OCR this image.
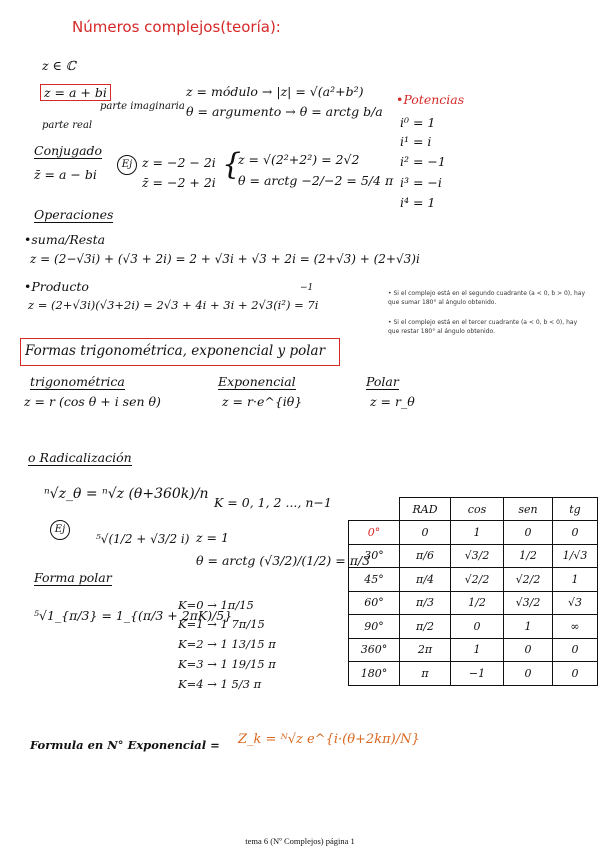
Números complejos(teoría):
z ∈ ℂ
z = a + bi
parte imaginaria
parte real
z = módulo → |z| = √(a²+b²)
θ = argumento → θ = arctg b/a
•Potencias
i⁰ = 1
i¹ = i
i² = −1
i³ = −i
i⁴ = 1
Conjugado
z̄ = a − bi
Ej z = −2 − 2i
z̄ = −2 + 2i
{
z = √(2²+2²) = 2√2
θ = arctg −2/−2 = 5/4 π
Operaciones
•suma/Resta
z = (2−√3i) + (√3 + 2i) = 2 + √3i + √3 + 2i = (2+√3) + (2+√3)i
•Producto	−1
z = (2+√3i)(√3+2i) = 2√3 + 4i + 3i + 2√3(i²) = 7i
• Si el complejo está en el segundo cuadrante (a < 0, b > 0), hay que sumar 180° al ángulo obtenido.
• Si el complejo está en el tercer cuadrante (a < 0, b < 0), hay que restar 180° al ángulo obtenido.
Formas trigonométrica, exponencial y polar
trigonométrica
z = r (cos θ + i sen θ)
Exponencial
z = r·e^{iθ}
Polar
z = r_θ
o Radicalización
ⁿ√z_θ = ⁿ√z (θ+360k)/n
K = 0, 1, 2 ..., n−1
Ej
⁵√(1/2 + √3/2 i) z = 1
θ = arctg (√3/2)/(1/2) = π/3
Forma polar
⁵√1_{π/3} = 1_{(π/3 + 2πK)/5}
K=0 → 1π/15
K=1 → 1 7π/15
K=2 → 1 13/15 π
K=3 → 1 19/15 π
K=4 → 1 5/3 π
	RAD	cos	sen	tg
0°	0	1	0	0
30°	π/6	√3/2	1/2	1/√3
45°	π/4	√2/2	√2/2	1
60°	π/3	1/2	√3/2	√3
90°	π/2	0	1	∞
360°	2π	1	0	0
180°	π	−1	0	0
Formula en N° Exponencial = Z_k = ᴺ√z e^{i·(θ+2kπ)/N}
tema 6 (Nº Complejos) página 1
